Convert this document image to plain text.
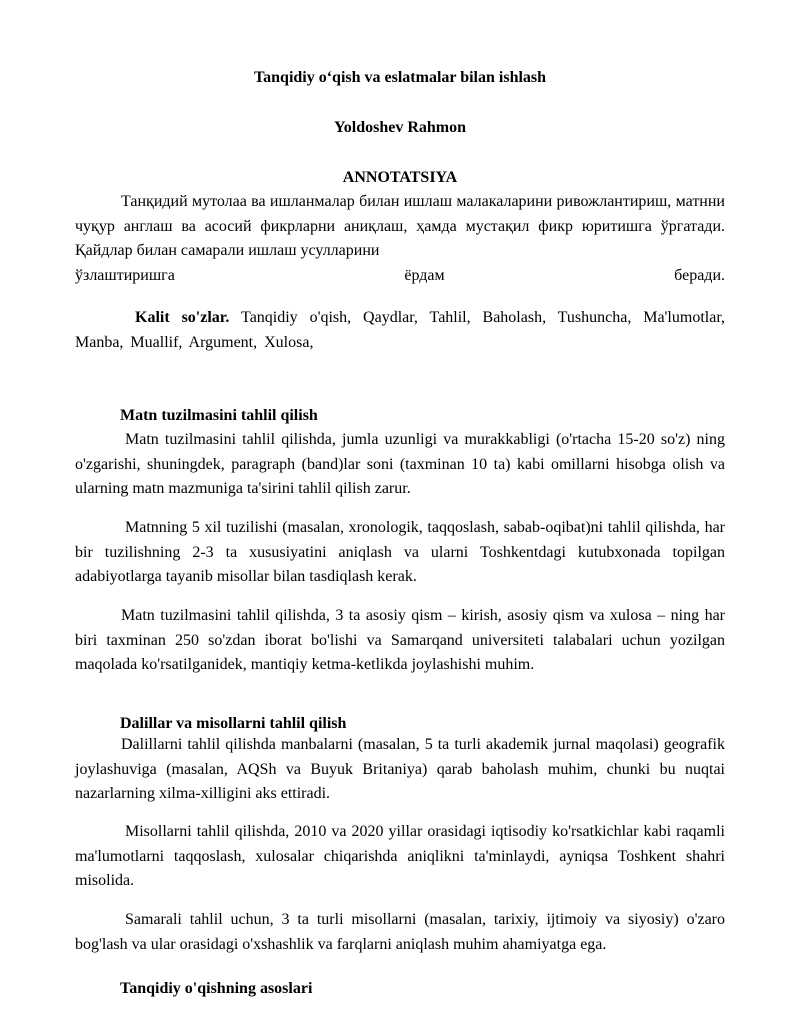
Tanqidiy oʻqish va eslatmalar bilan ishlash
Yoldoshev Rahmon
ANNOTATSIYA

Танқидий мутолаа ва ишланмалар билан ишлаш малакаларини ривожлантириш, матнни чуқур англаш ва асосий фикрларни аниқлаш, ҳамда мустақил фикр юритишга ўргатади. Қайдлар билан самарали ишлаш усулларини

ўзлаштиришга ёрдам беради.

Kalit so'zlar. Tanqidiy o'qish, Qaydlar, Tahlil, Baholash, Tushuncha, Ma'lumotlar, Manba, Muallif, Argument, Xulosa,
Matn tuzilmasini tahlil qilish

Matn tuzilmasini tahlil qilishda, jumla uzunligi va murakkabligi (o'rtacha 15-20 so'z) ning o'zgarishi, shuningdek, paragraph (band)lar soni (taxminan 10 ta) kabi omillarni hisobga olish va ularning matn mazmuniga ta'sirini tahlil qilish zarur.

Matnning 5 xil tuzilishi (masalan, xronologik, taqqoslash, sabab-oqibat)ni tahlil qilishda, har bir tuzilishning 2-3 ta xususiyatini aniqlash va ularni Toshkentdagi kutubxonada topilgan adabiyotlarga tayanib misollar bilan tasdiqlash kerak.

Matn tuzilmasini tahlil qilishda, 3 ta asosiy qism – kirish, asosiy qism va xulosa – ning har biri taxminan 250 so'zdan iborat bo'lishi va Samarqand universiteti talabalari uchun yozilgan maqolada ko'rsatilganidek, mantiqiy ketma-ketlikda joylashishi muhim.

Dalillar va misollarni tahlil qilish

Dalillarni tahlil qilishda manbalarni (masalan, 5 ta turli akademik jurnal maqolasi) geografik joylashuviga (masalan, AQSh va Buyuk Britaniya) qarab baholash muhim, chunki bu nuqtai nazarlarning xilma-xilligini aks ettiradi.

Misollarni tahlil qilishda, 2010 va 2020 yillar orasidagi iqtisodiy ko'rsatkichlar kabi raqamli ma'lumotlarni taqqoslash, xulosalar chiqarishda aniqlikni ta'minlaydi, ayniqsa Toshkent shahri misolida.

Samarali tahlil uchun, 3 ta turli misollarni (masalan, tarixiy, ijtimoiy va siyosiy) o'zaro bog'lash va ular orasidagi o'xshashlik va farqlarni aniqlash muhim ahamiyatga ega.

Tanqidiy o'qishning asoslari
